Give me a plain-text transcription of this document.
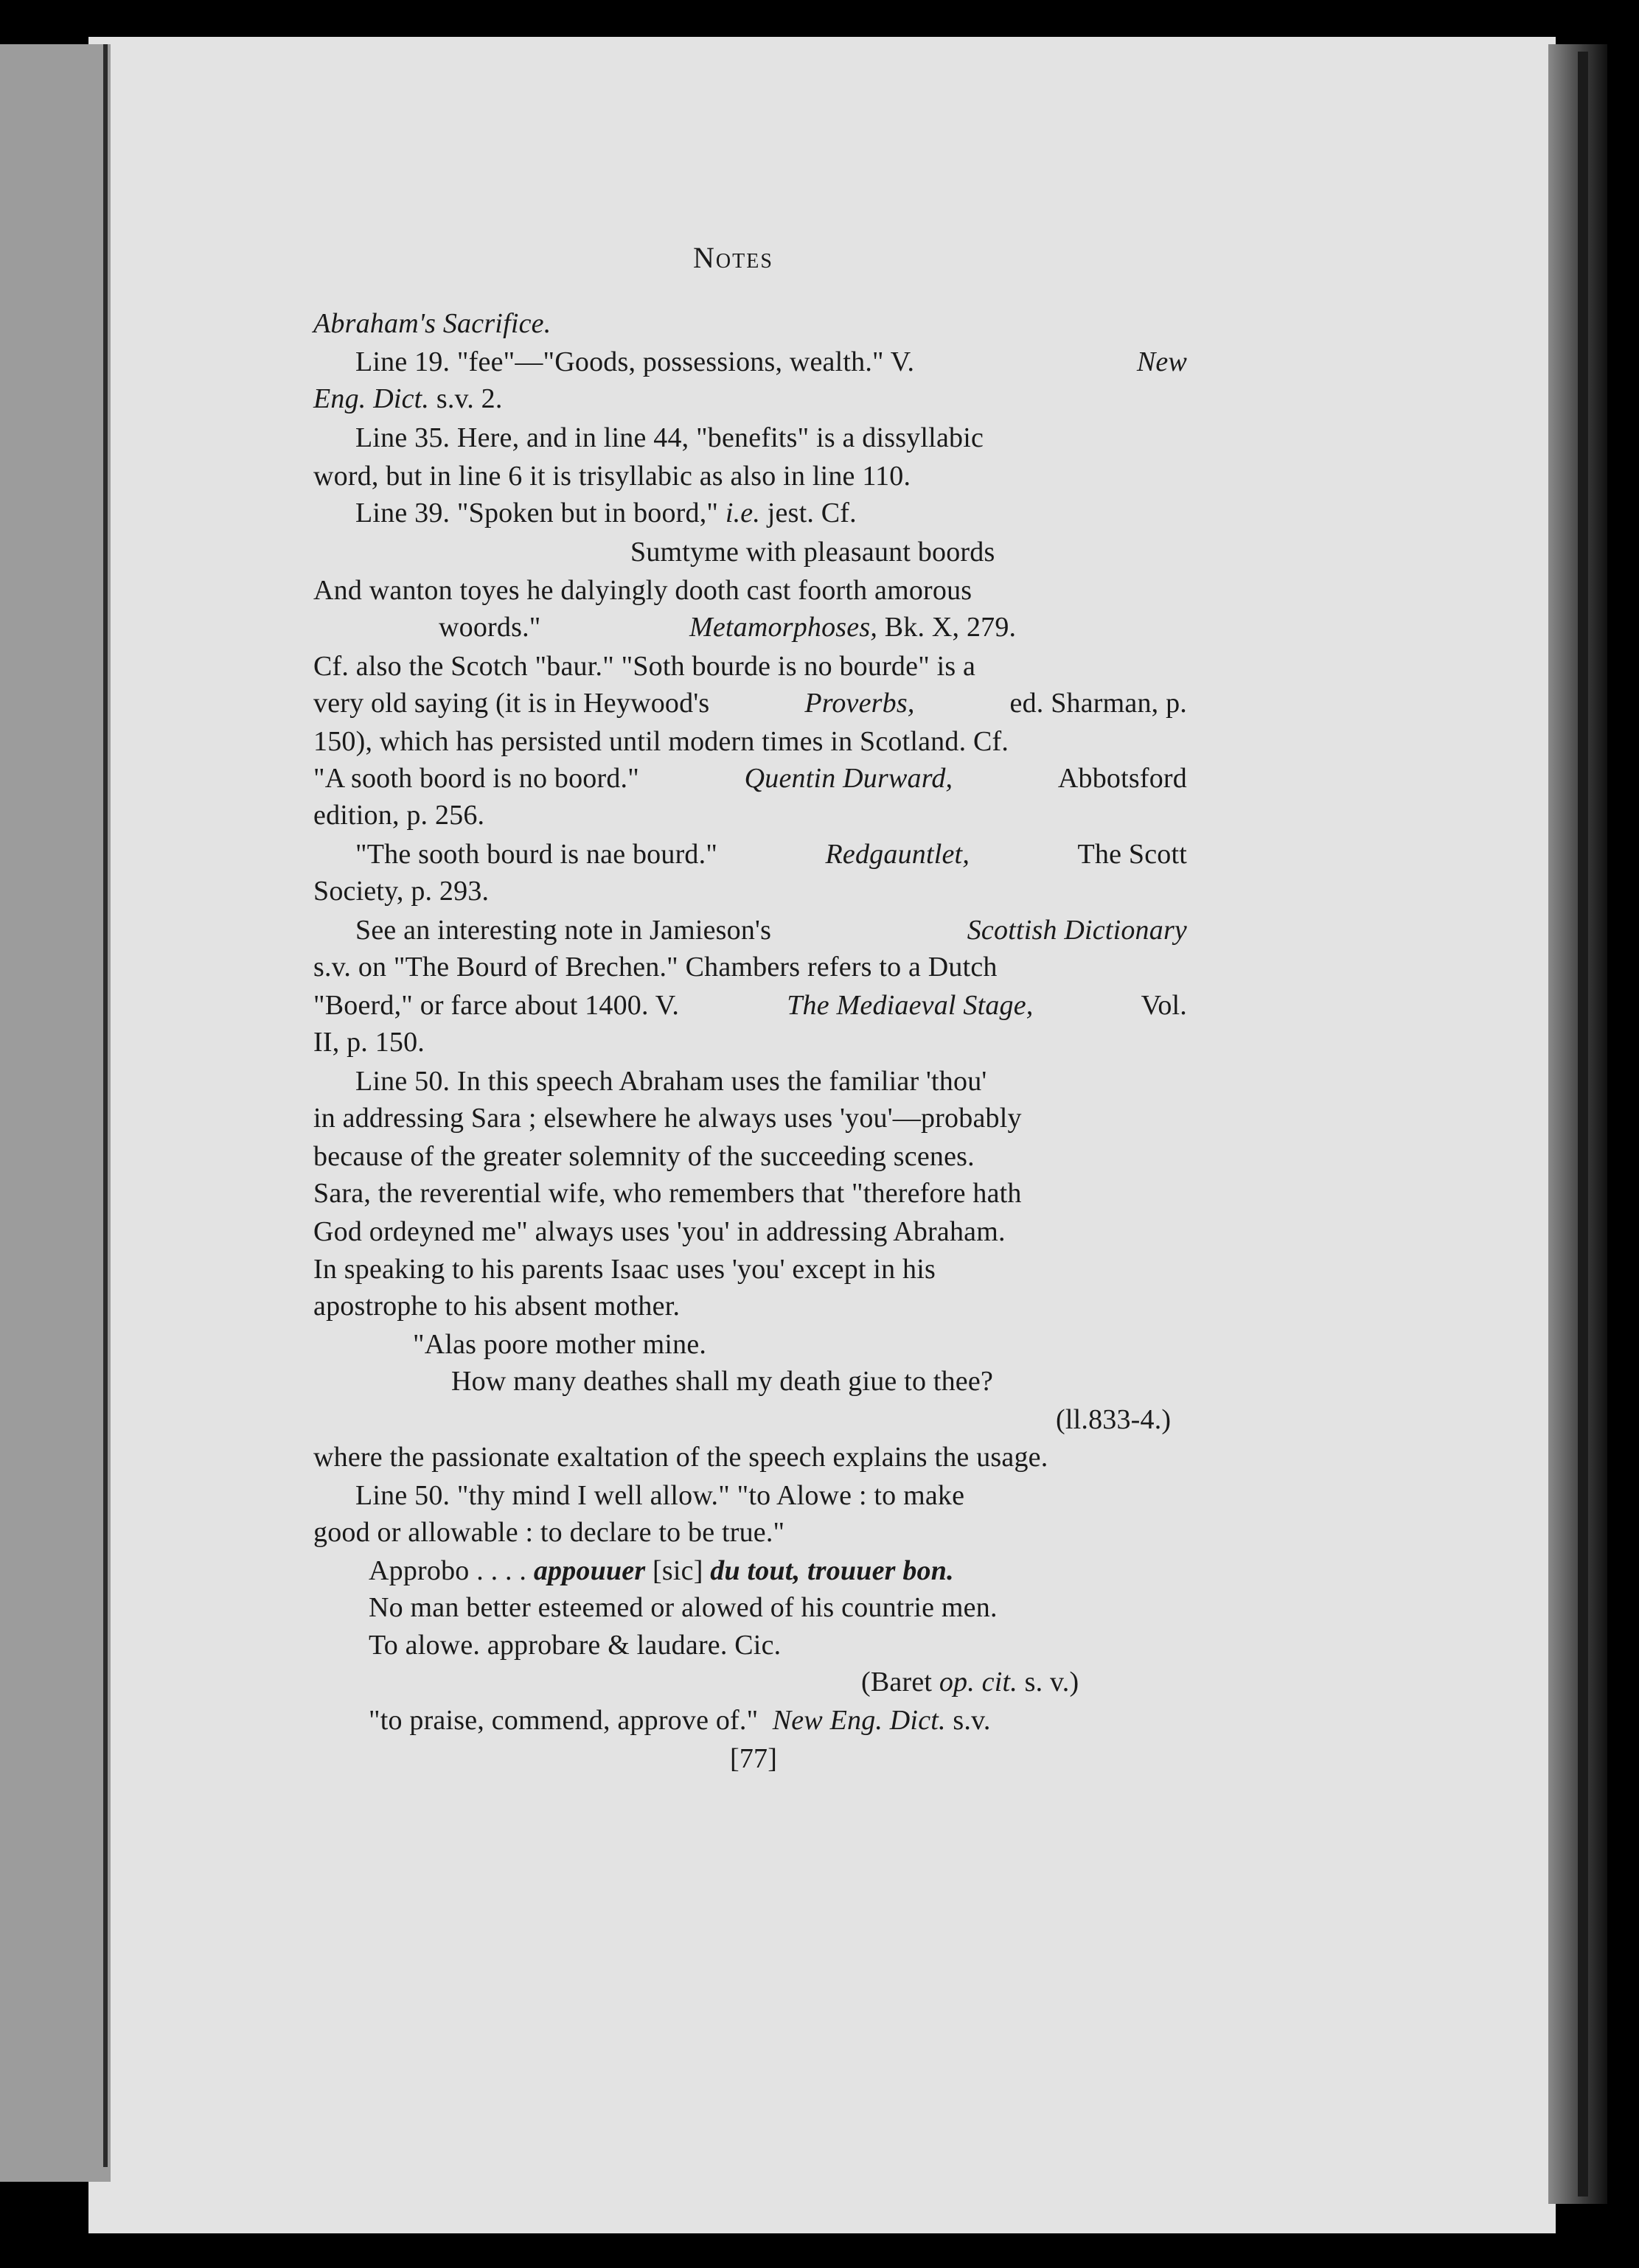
Notes
Abraham's Sacrifice.
Line 19. "fee"—"Goods, possessions, wealth." V.	New
Eng. Dict. s.v. 2.
Line 35. Here, and in line 44, "benefits" is a dissyllabic
word, but in line 6 it is trisyllabic as also in line 110.
Line 39. "Spoken but in boord," i.e. jest. Cf.
Sumtyme with pleasaunt boords
And wanton toyes he dalyingly dooth cast foorth amorous
woords."	Metamorphoses, Bk. X, 279.
Cf. also the Scotch "baur." "Soth bourde is no bourde" is a
very old saying (it is in Heywood's	Proverbs,	ed. Sharman, p.
150), which has persisted until modern times in Scotland. Cf.
"A sooth boord is no boord."	Quentin Durward,	Abbotsford
edition, p. 256.
"The sooth bourd is nae bourd."	Redgauntlet,	The Scott
Society, p. 293.
See an interesting note in Jamieson's	Scottish Dictionary
s.v. on "The Bourd of Brechen." Chambers refers to a Dutch
"Boerd," or farce about 1400. V.	The Mediaeval Stage,	Vol.
II, p. 150.
Line 50. In this speech Abraham uses the familiar 'thou'
in addressing Sara ; elsewhere he always uses 'you'—probably
because of the greater solemnity of the succeeding scenes.
Sara, the reverential wife, who remembers that "therefore hath
God ordeyned me" always uses 'you' in addressing Abraham.
In speaking to his parents Isaac uses 'you' except in his
apostrophe to his absent mother.
"Alas poore mother mine.
How many deathes shall my death giue to thee?
(ll.833-4.)
where the passionate exaltation of the speech explains the usage.
Line 50. "thy mind I well allow." "to Alowe : to make
good or allowable : to declare to be true."
Approbo . . . . appouuer [sic] du tout, trouuer bon.
No man better esteemed or alowed of his countrie men.
To alowe. approbare & laudare. Cic.
(Baret op. cit. s. v.)
"to praise, commend, approve of." New Eng. Dict. s.v.
[77]
